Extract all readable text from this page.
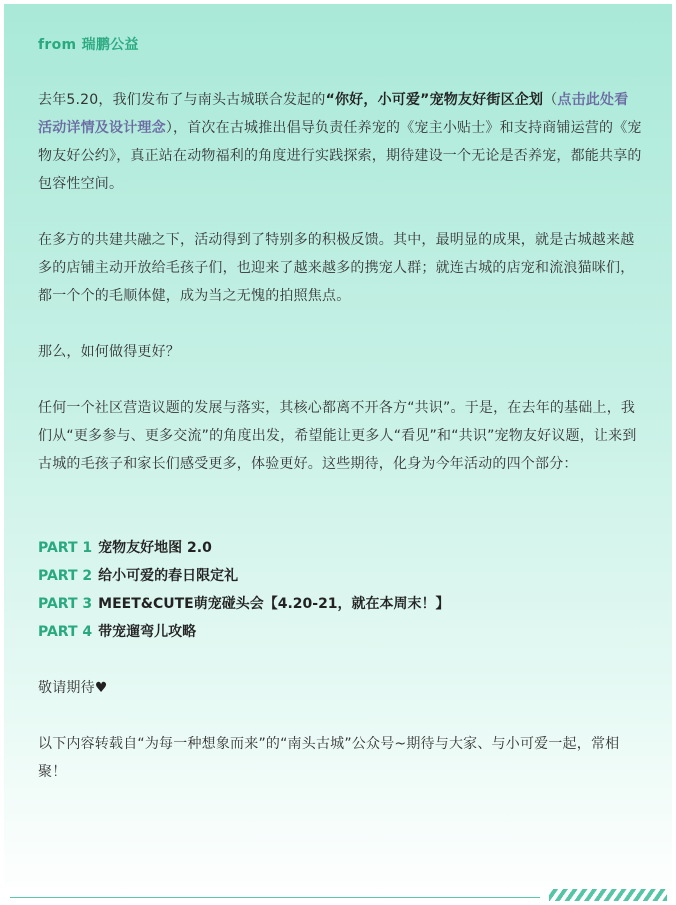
from 瑞鹏公益

去年5.20，我们发布了与南头古城联合发起的“你好，小可爱”宠物友好街区企划（点击此处看活动详情及设计理念），首次在古城推出倡导负责任养宠的《宠主小贴士》和支持商铺运营的《宠物友好公约》，真正站在动物福利的角度进行实践探索，期待建设一个无论是否养宠，都能共享的包容性空间。

在多方的共建共融之下，活动得到了特别多的积极反馈。其中，最明显的成果，就是古城越来越多的店铺主动开放给毛孩子们，也迎来了越来越多的携宠人群；就连古城的店宠和流浪猫咪们，都一个个的毛顺体健，成为当之无愧的拍照焦点。

那么，如何做得更好？

任何一个社区营造议题的发展与落实，其核心都离不开各方“共识”。于是，在去年的基础上，我们从“更多参与、更多交流”的角度出发，希望能让更多人“看见”和“共识”宠物友好议题，让来到古城的毛孩子和家长们感受更多，体验更好。这些期待，化身为今年活动的四个部分：

PART 1 宠物友好地图 2.0
PART 2 给小可爱的春日限定礼
PART 3 MEET&CUTE萌宠碰头会【4.20-21，就在本周末！】
PART 4 带宠遛弯儿攻略

敬请期待♥

以下内容转载自“为每一种想象而来”的“南头古城”公众号~期待与大家、与小可爱一起，常相聚！
